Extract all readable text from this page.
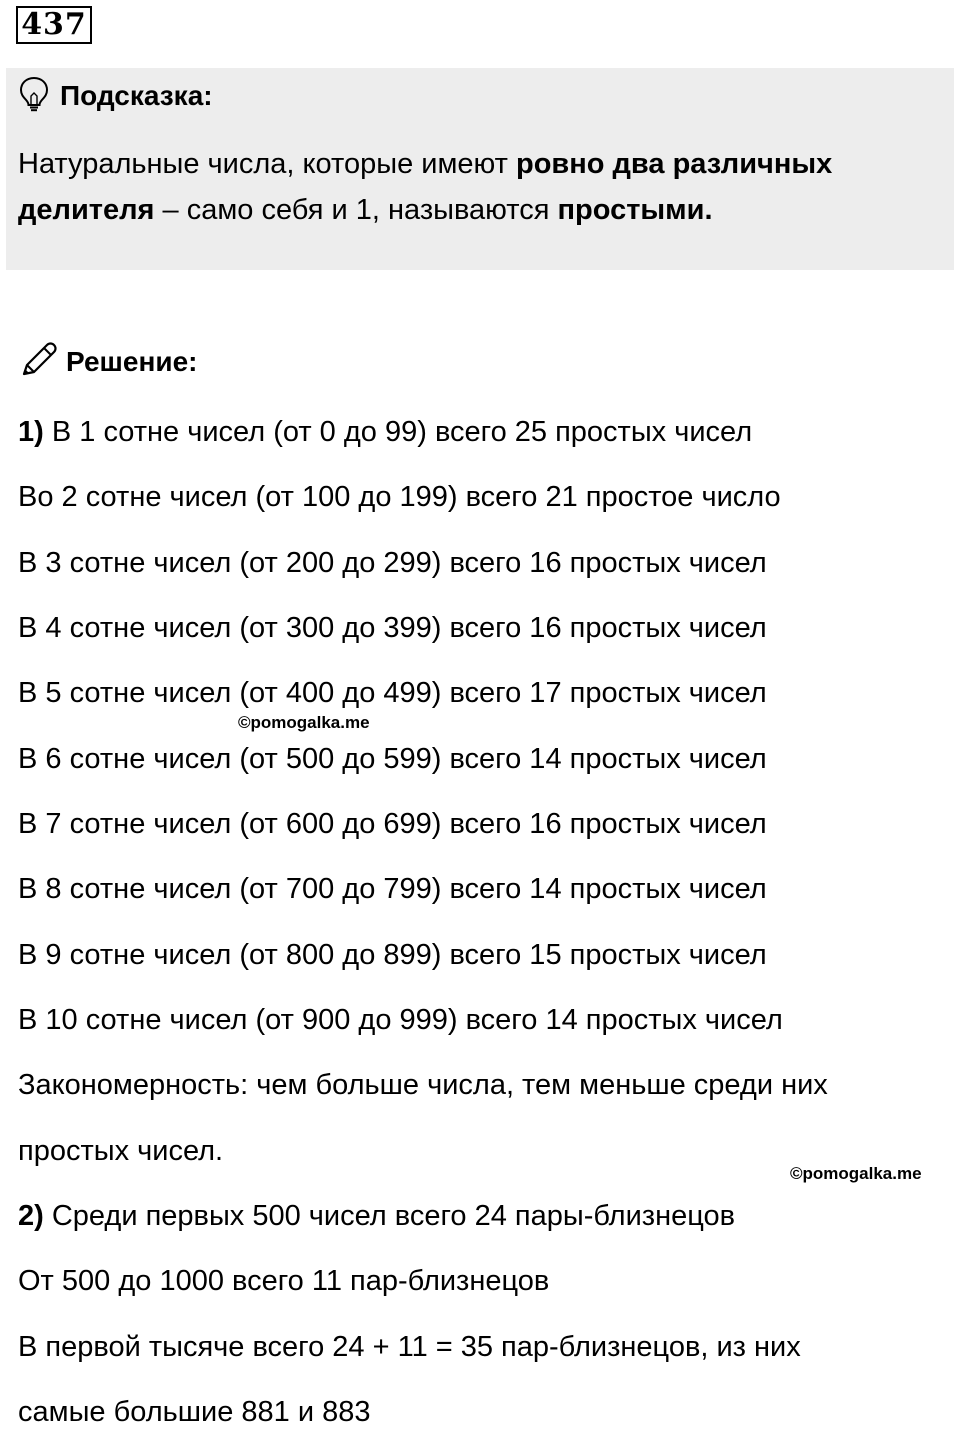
437
Подсказка:
Натуральные числа, которые имеют ровно два различных делителя – само себя и 1, называются простыми.
Решение:
1) В 1 сотне чисел (от 0 до 99) всего 25 простых чисел
Во 2 сотне чисел (от 100 до 199) всего 21 простое число
В 3 сотне чисел (от 200 до 299) всего 16 простых чисел
В 4 сотне чисел (от 300 до 399) всего 16 простых чисел
В 5 сотне чисел (от 400 до 499) всего 17 простых чисел
В 6 сотне чисел (от 500 до 599) всего 14 простых чисел
В 7 сотне чисел (от 600 до 699) всего 16 простых чисел
В 8 сотне чисел (от 700 до 799) всего 14 простых чисел
В 9 сотне чисел (от 800 до 899) всего 15 простых чисел
В 10 сотне чисел (от 900 до 999) всего 14 простых чисел
Закономерность: чем больше числа, тем меньше среди них
простых чисел.
2) Среди первых 500 чисел всего 24 пары-близнецов
От 500 до 1000 всего 11 пар-близнецов
В первой тысяче всего 24 + 11 = 35 пар-близнецов, из них
самые большие 881 и 883
©pomogalka.me
©pomogalka.me
